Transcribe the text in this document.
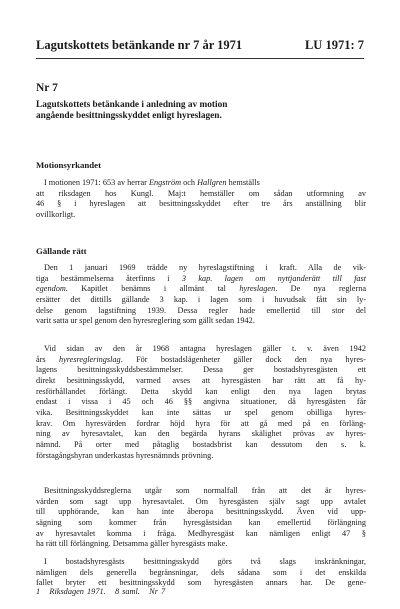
Lagutskottets betänkande nr 7 år 1971	LU 1971: 7
Nr 7
Lagutskottets betänkande i anledning av motion
angående besittningsskyddet enligt hyreslagen.
Motionsyrkandet
I motionen 1971: 653 av herrar Engström och Hallgren hemställs
att riksdagen hos Kungl. Maj:t hemställer om sådan utformning av
46 § i hyreslagen att besittningsskyddet efter tre års anställning blir
ovillkorligt.
Gällande rätt
Den 1 januari 1969 trädde ny hyreslagstiftning i kraft. Alla de vik-
tiga bestämmelserna återfinns i 3 kap. lagen om nyttjanderätt till fast
egendom. Kapitlet benämns i allmänt tal hyreslagen. De nya reglerna
ersätter det dittills gällande 3 kap. i lagen som i huvudsak fått sin ly-
delse genom lagstiftning 1939. Dessa regler hade emellertid till stor del
varit satta ur spel genom den hyresreglering som gällt sedan 1942.
Vid sidan av den år 1968 antagna hyreslagen gäller t. v. även 1942
års hyresregleringslag. För bostadslägenheter gäller dock den nya hyres-
lagens besittningsskyddsbestämmelser. Dessa ger bostadshyresgästen ett
direkt besittningsskydd, varmed avses att hyresgästen har rätt att få hy-
resförhållandet förlängt. Detta skydd kan enligt den nya lagen brytas
endast i vissa i 45 och 46 §§ angivna situationer, då hyresgästen får
vika. Besittningsskyddet kan inte sättas ur spel genom obilliga hyres-
krav. Om hyresvärden fordrar höjd hyra för att gå med på en förläng-
ning av hyresavtalet, kan den begärda hyrans skälighet prövas av hyres-
nämnd. På orter med påtaglig bostadsbrist kan dessutom den s. k.
förstagångshyran underkastas hyresnämnds prövning.
Besittningsskyddsreglerna utgår som normalfall från att det är hyres-
värden som sagt upp hyresavtalet. Om hyresgästen själv sagt upp avtalet
till upphörande, kan han inte åberopa besittningsskydd. Även vid upp-
sägning som kommer från hyresgästsidan kan emellertid förlängning
av hyresavtalet komma i fråga. Medhyresgäst kan nämligen enligt 47 §
ha rätt till förlängning. Detsamma gäller hyresgästs make.
I bostadshyresgästs besittningsskydd görs två slags inskränkningar,
nämligen dels generella begränsningar, dels sådana som i det enskilda
fallet bryter ett besittningsskydd som hyresgästen annars har. De gene-
1 Riksdagen 1971. 8 saml. Nr 7
